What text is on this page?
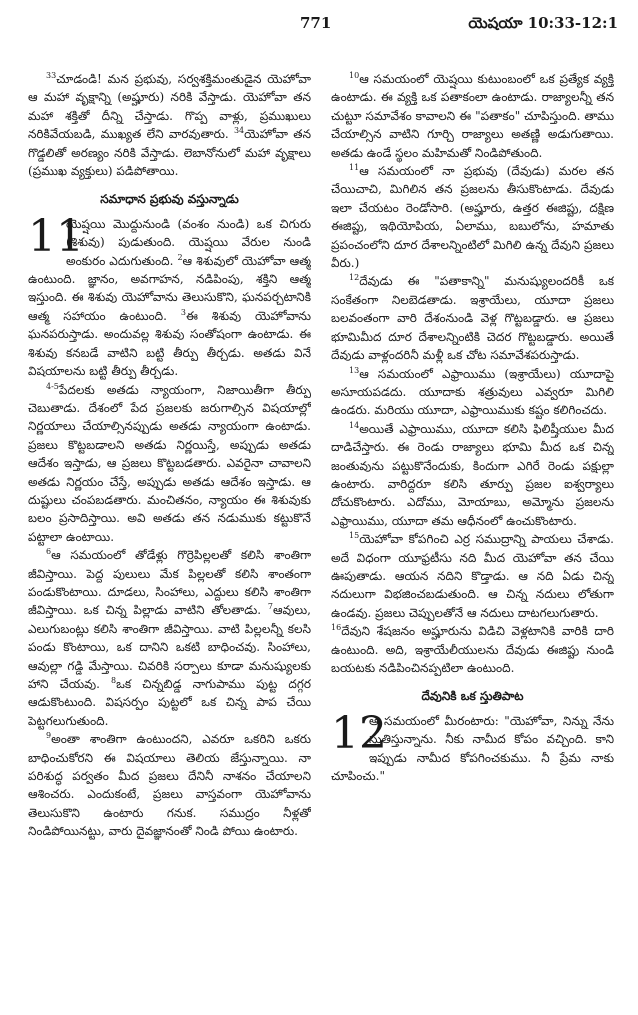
771	యెషయా 10:33-12:1

$^{33}$చూడండి! మన ప్రభువు, సర్వశక్తిమంతుడైన యెహోవా ఆ మహా వృక్షాన్ని (అష్హూరు) నరికి వేస్తాడు. యెహోవా తన మహా శక్తితో దీన్ని చేస్తాడు. గొప్ప వాళ్లు, ప్రముఖులు నరికివేయబడి, ముఖ్యత లేని వారవుతారు. $^{34}$యెహోవా తన గొడ్డలితో అరణ్యం నరికి వేస్తాడు. లెబానోనులో మహా వృక్షాలు (ప్రముఖ వ్యక్తులు) పడిపోతాయి.

సమాధాన ప్రభువు వస్తున్నాడు
11

యెష్షయి మొద్దునుండి (వంశం నుండి) ఒక చిగురు (శిశువు) పుడుతుంది. యెష్షయి వేరుల నుండి అంకురం ఎదుగుతుంది. $^2$ఆ శిశువులో యెహోవా ఆత్మ ఉంటుంది. జ్ఞానం, అవగాహన, నడిపింపు, శక్తిని ఆత్మ ఇస్తుంది. ఈ శిశువు యెహోవాను తెలుసుకొని, ఘనపర్చటానికి ఆత్మ సహాయం ఉంటుంది. $^3$ఈ శిశువు యెహోవాను ఘనపరుస్తాడు. అందువల్ల శిశువు సంతోషంగా ఉంటాడు. ఈ శిశువు కనబడే వాటిని బట్టి తీర్పు తీర్చడు. అతడు వినే విషయాలను బట్టి తీర్పు తీర్చడు.

$^{4-5}$పేదలకు అతడు న్యాయంగా, నిజాయితీగా తీర్పు చెబుతాడు. దేశంలో పేద ప్రజలకు జరుగాల్సిన విషయాల్లో నిర్ణయాలు చేయాల్సినప్పుడు అతడు న్యాయంగా ఉంటాడు. ప్రజలు కొట్టబడాలని అతడు నిర్ణయిస్తే, అప్పుడు అతడు ఆదేశం ఇస్తాడు, ఆ ప్రజలు కొట్టబడతారు. ఎవరైనా చావాలని అతడు నిర్ణయం చేస్తే, అప్పుడు అతడు ఆదేశం ఇస్తాడు. ఆ దుష్టులు చంపబడతారు. మంచితనం, న్యాయం ఈ శిశువుకు బలం ప్రసాదిస్తాయి. అవి అతడు తన నడుముకు కట్టుకొనే పట్టాలా ఉంటాయి.

$^6$ఆ సమయంలో తోడేళ్లు గొర్రెపిల్లలతో కలిసి శాంతిగా జీవిస్తాయి. పెద్ద పులులు మేక పిల్లలతో కలిసి శాంతంగా పండుకొంటాయి. దూడలు, సింహాలు, ఎద్దులు కలిసి శాంతిగా జీవిస్తాయి. ఒక చిన్న పిల్లాడు వాటిని తోలతాడు. $^7$ఆవులు, ఎలుగుబంట్లు కలిసి శాంతిగా జీవిస్తాయి. వాటి పిల్లలన్నీ కలసి పండు కొంటాయి, ఒక దానిని ఒకటి బాధించవు. సింహాలు, ఆవుల్లా గడ్డి మేస్తాయి. చివరికి సర్పాలు కూడా మనుష్యులకు హాని చేయవు. $^8$ఒక చిన్నబిడ్డ నాగుపాము పుట్ట దగ్గర ఆడుకొంటుంది. విషసర్పం పుట్టలో ఒక చిన్న పాప చేయి పెట్టగలుగుతుంది.

$^9$అంతా శాంతిగా ఉంటుందని, ఎవరూ ఒకరిని ఒకరు బాధించుకోరని ఈ విషయాలు తెలియ జేస్తున్నాయి. నా పరిశుద్ధ పర్వతం మీద ప్రజలు దేనినీ నాశనం చేయాలని ఆశించరు. ఎందుకంటే, ప్రజలు వాస్తవంగా యెహోవాను తెలుసుకొని ఉంటారు గనుక. సముద్రం నీళ్లతో నిండిపోయినట్టు, వారు దైవజ్ఞానంతో నిండి పోయి ఉంటారు.

$^{10}$ఆ సమయంలో యెష్షయి కుటుంబంలో ఒక ప్రత్యేక వ్యక్తి ఉంటాడు. ఈ వ్యక్తి ఒక పతాకంలా ఉంటాడు. రాజ్యాలన్నీ తన చుట్టూ సమావేశం కావాలని ఈ "పతాకం" చూపిస్తుంది. తాము చేయాల్సిన వాటిని గూర్చి రాజ్యాలు అతణ్ణి అడుగుతాయి. అతడు ఉండే స్థలం మహిమతో నిండిపోతుంది.

$^{11}$ఆ సమయంలో నా ప్రభువు (దేవుడు) మరల తన చేయిచాచి, మిగిలిన తన ప్రజలను తీసుకొంటాడు. దేవుడు ఇలా చేయటం రెండోసారి. (అష్హూరు, ఉత్తర ఈజిప్టు, దక్షిణ ఈజిప్టు, ఇథియోపియ, ఏలాము, బబులోను, హమాతు ప్రపంచంలోని దూర దేశాలన్నింటిలో మిగిలి ఉన్న దేవుని ప్రజలు వీరు.)

$^{12}$దేవుడు ఈ "పతాకాన్ని" మనుష్యులందరికీ ఒక సంకేతంగా నిలబెడతాడు. ఇశ్రాయేలు, యూదా ప్రజలు బలవంతంగా వారి దేశంనుండి వెళ్ల గొట్టబడ్డారు. ఆ ప్రజలు భూమిమీద దూర దేశాలన్నింటికి చెదర గొట్టబడ్డారు. అయితే దేవుడు వాళ్లందరినీ మళ్లీ ఒక చోట సమావేశపరుస్తాడు.

$^{13}$ఆ సమయంలో ఎఫ్రాయిము (ఇశ్రాయేలు) యూదాపై అసూయపడదు. యూదాకు శత్రువులు ఎవ్వరూ మిగిలి ఉండరు. మరియు యూదా, ఎఫ్రాయిముకు కష్టం కలిగించదు.

$^{14}$అయితే ఎఫ్రాయిము, యూదా కలిసి ఫిలిష్తీయుల మీద దాడిచేస్తారు. ఈ రెండు రాజ్యాలు భూమి మీద ఒక చిన్న జంతువును పట్టుకొనేందుకు, కిందుగా ఎగిరే రెండు పక్షుల్లా ఉంటారు. వారిద్దరూ కలిసి తూర్పు ప్రజల ఐశ్వర్యాలు దోచుకొంటారు. ఎదోము, మోయాబు, అమ్మోను ప్రజలను ఎఫ్రాయిము, యూదా తమ ఆధీనంలో ఉంచుకొంటారు.

$^{15}$యెహోవా కోపగించి ఎర్ర సముద్రాన్ని పాయలు చేశాడు. అదే విధంగా యూఫ్రటీసు నది మీద యెహోవా తన చేయి ఊపుతాడు. ఆయన నదిని కొడ్తాడు. ఆ నది ఏడు చిన్న నదులుగా విభజించబడుతుంది. ఆ చిన్న నదులు లోతుగా ఉండవు. ప్రజలు చెప్పులతోనే ఆ నదులు దాటగలుగుతారు.

$^{16}$దేవుని శేషజనం అష్హూరును విడిచి వెళ్లటానికి వారికి దారి ఉంటుంది. అది, ఇశ్రాయేలీయులను దేవుడు ఈజిప్టు నుండి బయటకు నడిపించినప్పటిలా ఉంటుంది.

దేవునికి ఒక స్తుతిపాట
12

ఆ సమయంలో మీరంటారు: "యెహోవా, నిన్ను నేను స్తుతిస్తున్నాను. నీకు నామీద కోపం వచ్చింది. కాని ఇప్పుడు నామీద కోపగించకుము. నీ ప్రేమ నాకు చూపించు."
